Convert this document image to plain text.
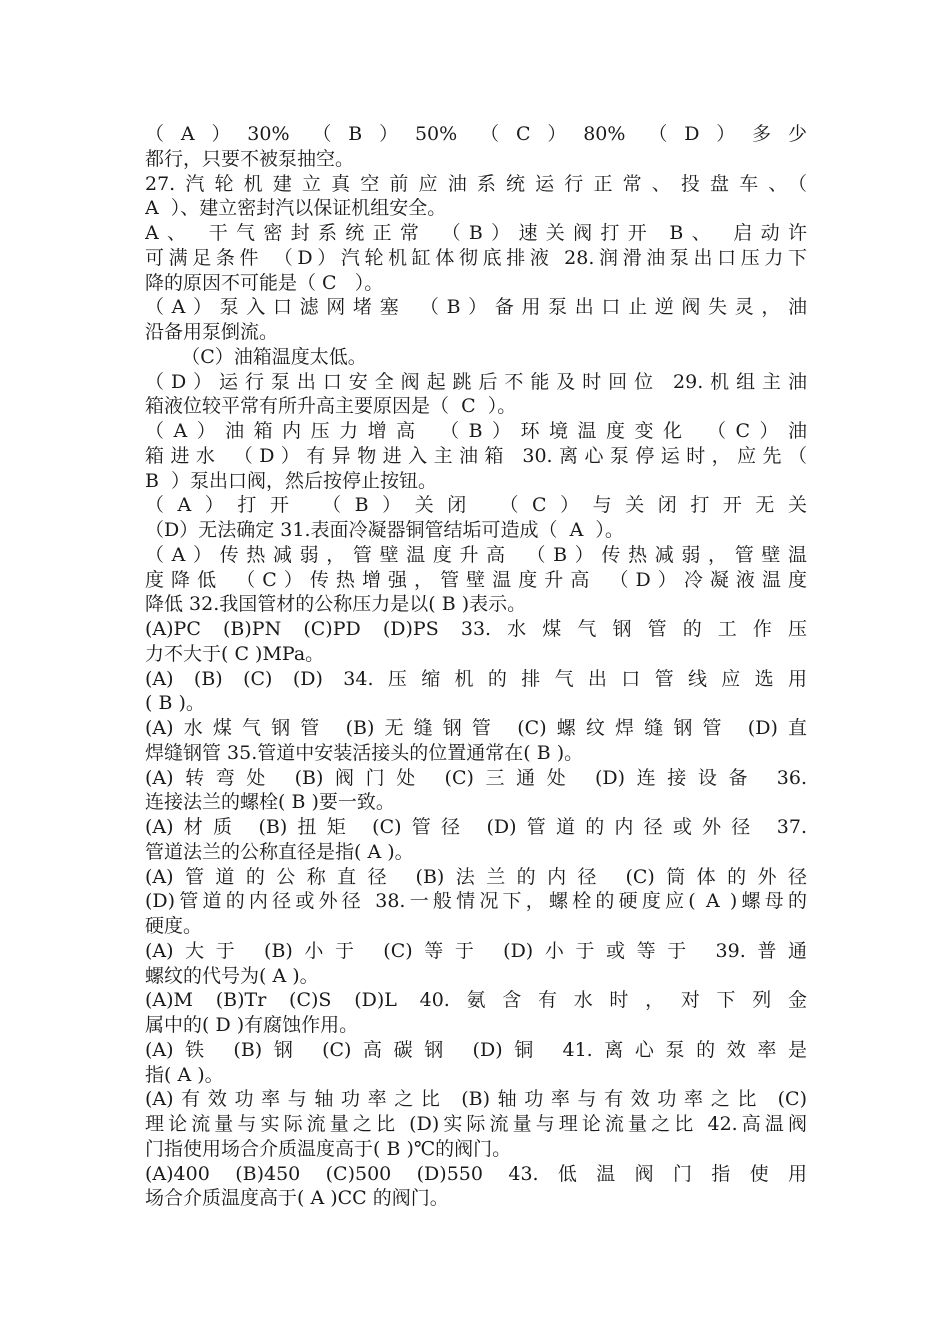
（A）30% （B）50% （C）80% （D）多少
都行，只要不被泵抽空。
27.汽轮机建立真空前应油系统运行正常、投盘车、（
A  ）、建立密封汽以保证机组安全。
A、 干气密封系统正常 （B）速关阀打开 B、 启动许
可满足条件 （D）汽轮机缸体彻底排液 28.润滑油泵出口压力下
降的原因不可能是（ C   ）。
（A）泵入口滤网堵塞 （B）备用泵出口止逆阀失灵，油
沿备用泵倒流。
（C）油箱温度太低。
（D）运行泵出口安全阀起跳后不能及时回位 29.机组主油
箱液位较平常有所升高主要原因是（  C  ）。
（A）油箱内压力增高 （B）环境温度变化 （C）油
箱进水 （D）有异物进入主油箱 30.离心泵停运时，应先（
B  ）泵出口阀，然后按停止按钮。
（A）打开 （B）关闭 （C）与关闭打开无关
（D）无法确定 31.表面冷凝器铜管结垢可造成（  A  ）。
（A）传热减弱，管壁温度升高 （B）传热减弱，管壁温
度降低 （C）传热增强，管壁温度升高 （D）冷凝液温度
降低 32.我国管材的公称压力是以( B )表示。
(A)PC (B)PN (C)PD (D)PS 33.水煤气钢管的工作压
力不大于( C )MPa。
(A) (B) (C) (D) 34.压缩机的排气出口管线应选用
( B )。
(A)水煤气钢管 (B)无缝钢管 (C)螺纹焊缝钢管 (D)直
焊缝钢管 35.管道中安装活接头的位置通常在( B )。
(A)转弯处 (B)阀门处 (C)三通处 (D)连接设备 36.
连接法兰的螺栓( B )要一致。
(A)材质 (B)扭矩 (C)管径 (D)管道的内径或外径 37.
管道法兰的公称直径是指( A )。
(A)管道的公称直径 (B)法兰的内径 (C)筒体的外径
(D)管道的内径或外径 38.一般情况下，螺栓的硬度应( A )螺母的
硬度。
(A)大于 (B)小于 (C)等于 (D)小于或等于 39.普通
螺纹的代号为( A )。
(A)M (B)Tr (C)S (D)L 40.氨含有水时，对下列金
属中的( D )有腐蚀作用。
(A)铁 (B)钢 (C)高碳钢 (D)铜 41.离心泵的效率是
指( A )。
(A)有效功率与轴功率之比 (B)轴功率与有效功率之比 (C)
理论流量与实际流量之比 (D)实际流量与理论流量之比 42.高温阀
门指使用场合介质温度高于( B )℃的阀门。
(A)400 (B)450 (C)500 (D)550 43.低温阀门指使用
场合介质温度高于( A )CC 的阀门。
